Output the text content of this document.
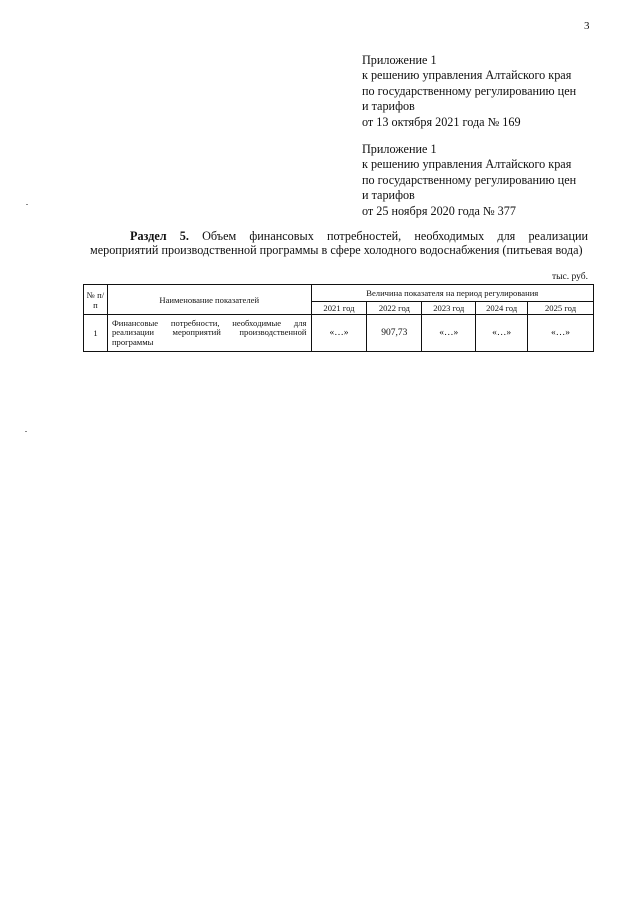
3
Приложение 1
к решению управления Алтайского края
по государственному регулированию цен
и тарифов
от 13 октября 2021 года № 169
Приложение 1
к решению управления Алтайского края
по государственному регулированию цен
и тарифов
от 25 ноября 2020 года № 377

Раздел 5. Объем финансовых потребностей, необходимых для реализации мероприятий производственной программы в сфере холодного водоснабжения (питьевая вода)

тыс. руб.
№ п/п	Наименование показателей	Величина показателя на период регулирования				
		2021 год	2022 год	2023 год	2024 год	2025 год
1	Финансовые потребности, необходимые для реализации мероприятий производственной программы	«…»	907,73	«…»	«…»	«…»
